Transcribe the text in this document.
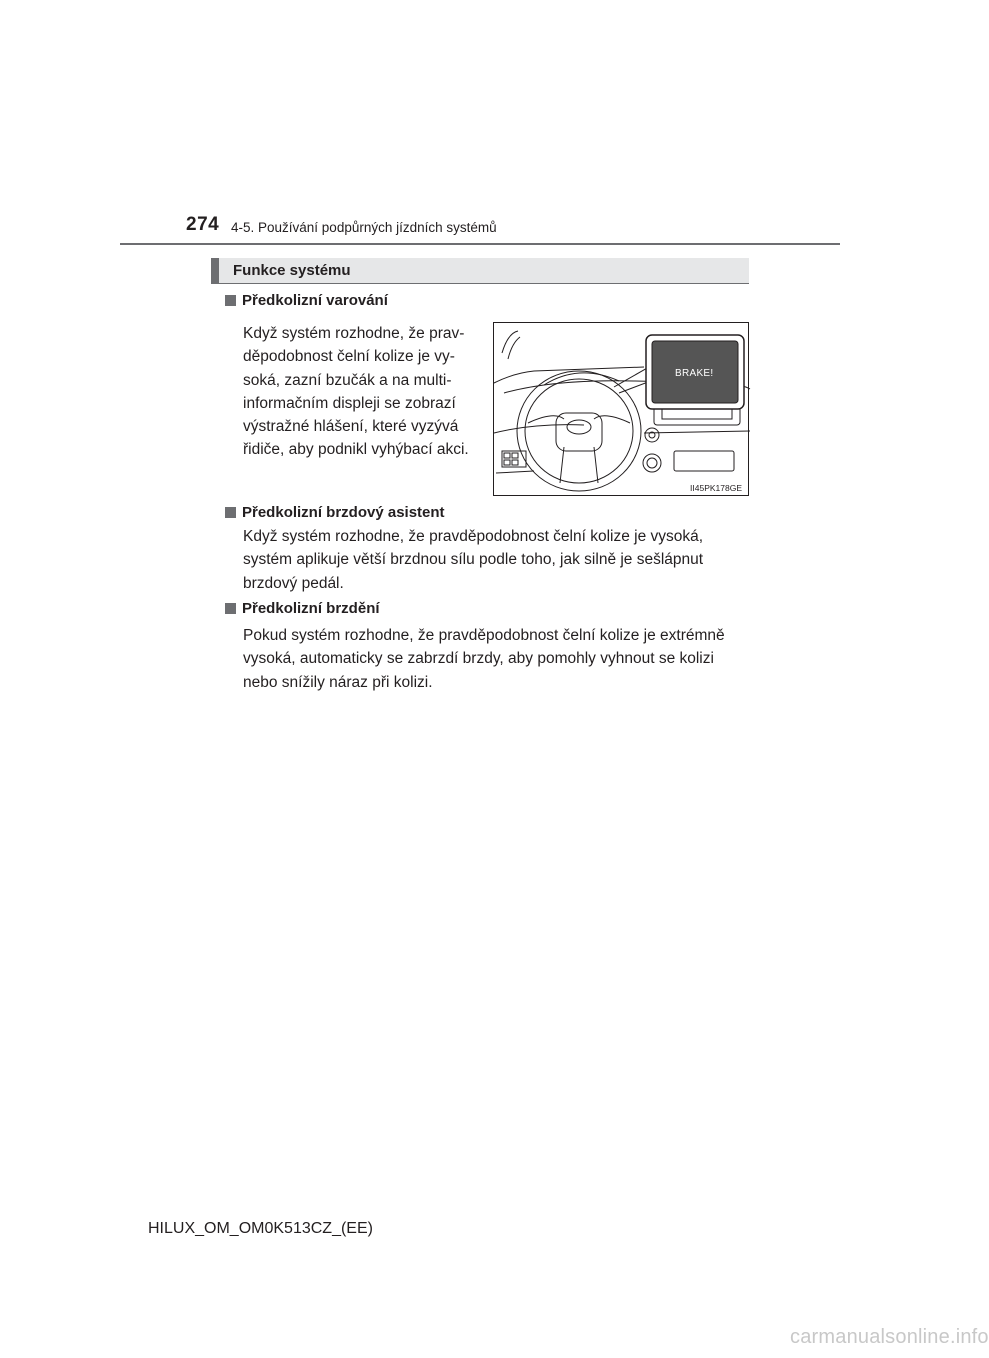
274 4-5. Používání podpůrných jízdních systémů
Funkce systému
Předkolizní varování
Když systém rozhodne, že prav-
děpodobnost čelní kolize je vy-
soká, zazní bzučák a na multi-
informačním displeji se zobrazí
výstražné hlášení, které vyzývá
řidiče, aby podnikl vyhýbací akci.
BRAKE!
II45PK178GE
Předkolizní brzdový asistent
Když systém rozhodne, že pravděpodobnost čelní kolize je vysoká,
systém aplikuje větší brzdnou sílu podle toho, jak silně je sešlápnut
brzdový pedál.
Předkolizní brzdění
Pokud systém rozhodne, že pravděpodobnost čelní kolize je extrémně
vysoká, automaticky se zabrzdí brzdy, aby pomohly vyhnout se kolizi
nebo snížily náraz při kolizi.
HILUX_OM_OM0K513CZ_(EE)
carmanualsonline.info
